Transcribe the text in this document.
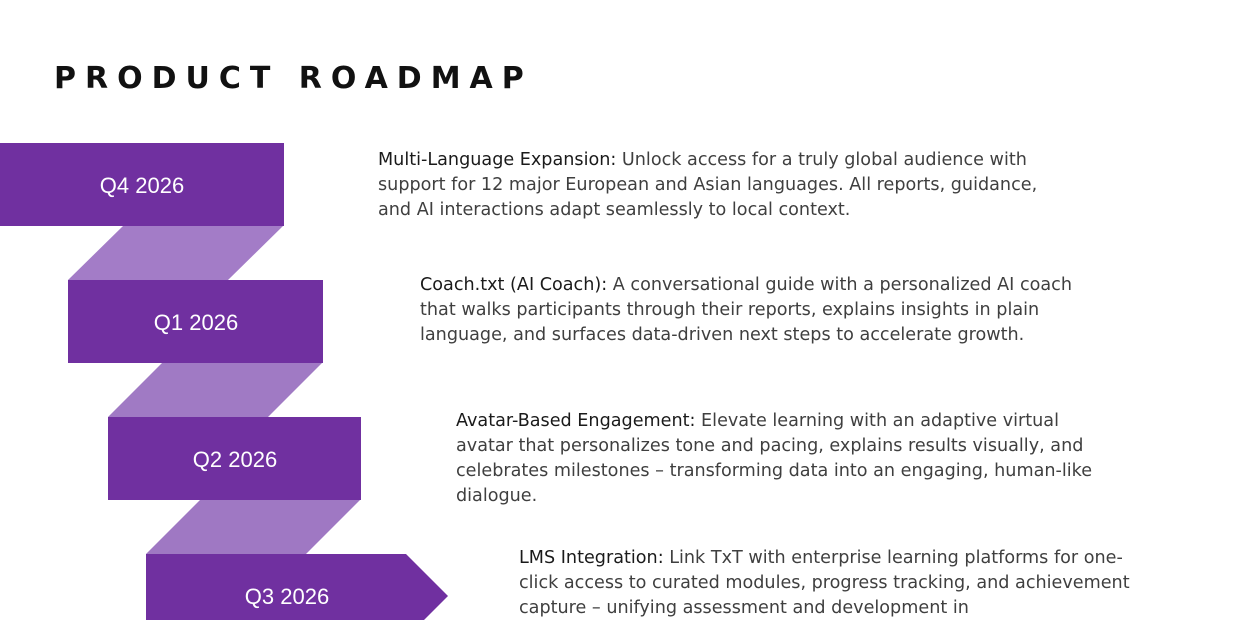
PRODUCT ROADMAP
Q4 2026
Q1 2026
Q2 2026
Q3 2026

Multi-Language Expansion: Unlock access for a truly global audience with support for 12 major European and Asian languages. All reports, guidance, and AI interactions adapt seamlessly to local context.

Coach.txt (AI Coach): A conversational guide with a personalized AI coach that walks participants through their reports, explains insights in plain language, and surfaces data-driven next steps to accelerate growth.

Avatar-Based Engagement: Elevate learning with an adaptive virtual avatar that personalizes tone and pacing, explains results visually, and celebrates milestones – transforming data into an engaging, human-like dialogue.

LMS Integration: Link TxT with enterprise learning platforms for one-click access to curated modules, progress tracking, and achievement capture – unifying assessment and development in
